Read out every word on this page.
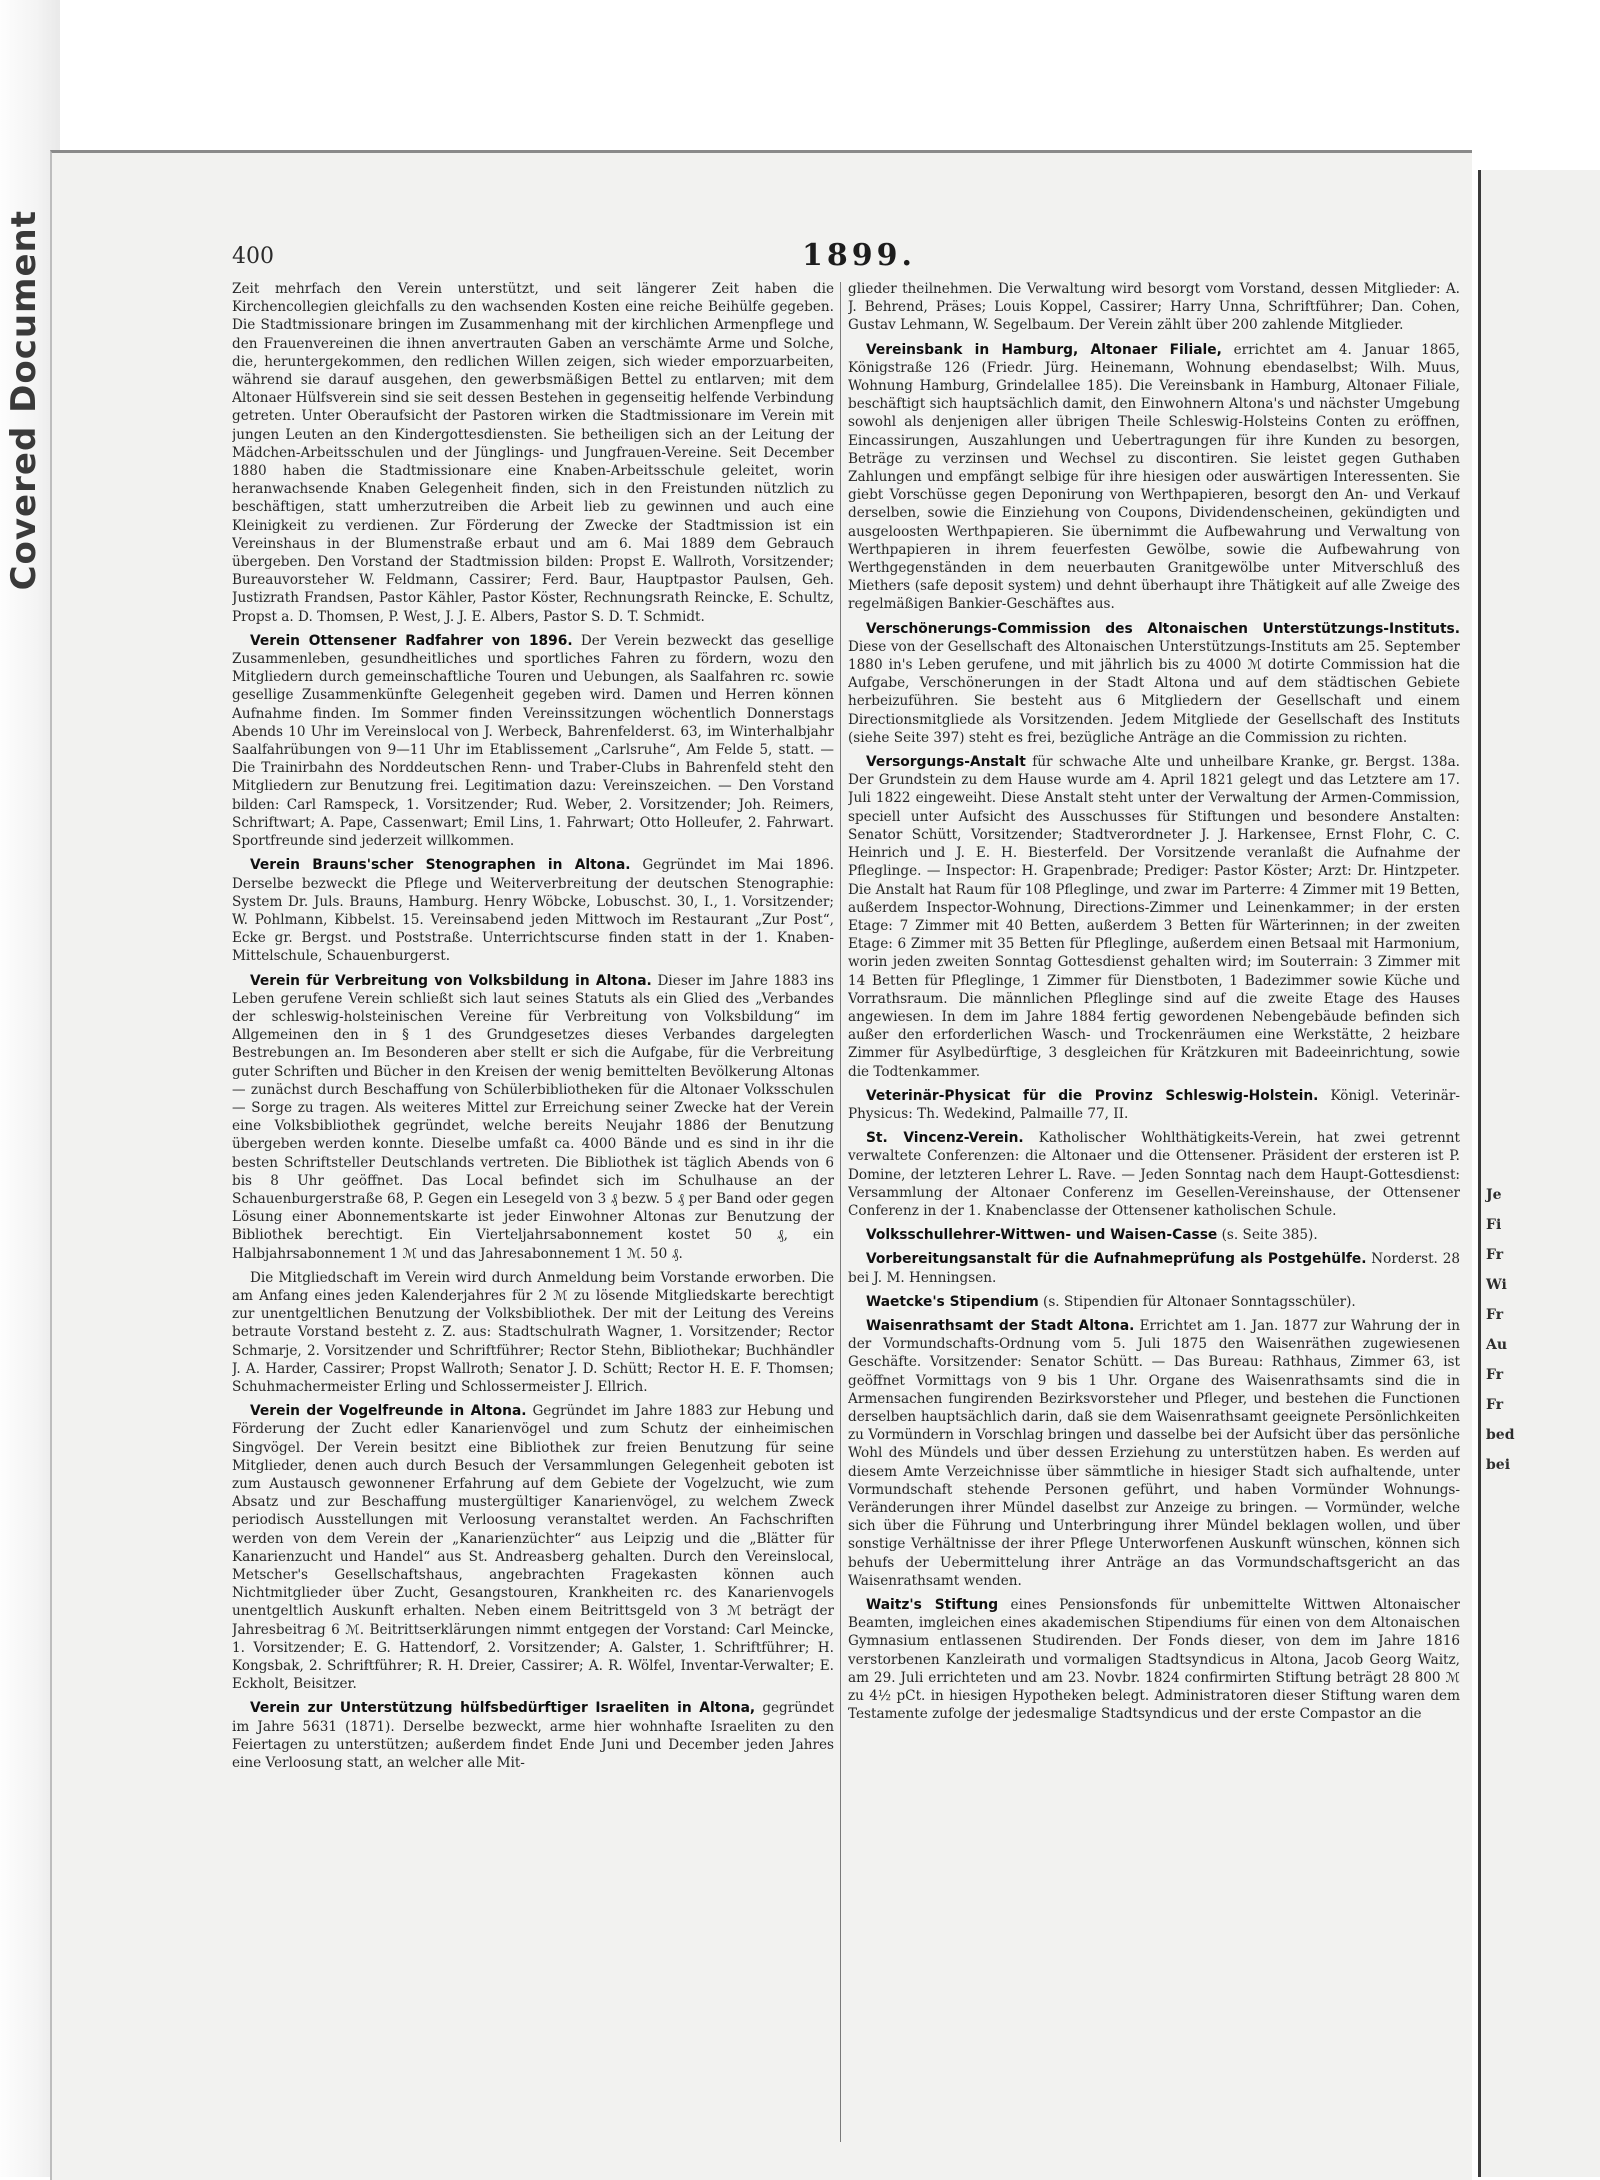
Covered Document	400	1899.

Zeit mehrfach den Verein unterstützt, und seit längerer Zeit haben die Kirchencollegien gleichfalls zu den wachsenden Kosten eine reiche Beihülfe gegeben. Die Stadtmissionare bringen im Zusammenhang mit der kirchlichen Armenpflege und den Frauenvereinen die ihnen anvertrauten Gaben an verschämte Arme und Solche, die, heruntergekommen, den redlichen Willen zeigen, sich wieder emporzuarbeiten, während sie darauf ausgehen, den gewerbsmäßigen Bettel zu entlarven; mit dem Altonaer Hülfsverein sind sie seit dessen Bestehen in gegenseitig helfende Verbindung getreten. Unter Oberaufsicht der Pastoren wirken die Stadtmissionare im Verein mit jungen Leuten an den Kindergottesdiensten. Sie betheiligen sich an der Leitung der Mädchen-Arbeitsschulen und der Jünglings- und Jungfrauen-Vereine. Seit December 1880 haben die Stadtmissionare eine Knaben-Arbeitsschule geleitet, worin heranwachsende Knaben Gelegenheit finden, sich in den Freistunden nützlich zu beschäftigen, statt umherzutreiben die Arbeit lieb zu gewinnen und auch eine Kleinigkeit zu verdienen. Zur Förderung der Zwecke der Stadtmission ist ein Vereinshaus in der Blumenstraße erbaut und am 6. Mai 1889 dem Gebrauch übergeben. Den Vorstand der Stadtmission bilden: Propst E. Wallroth, Vorsitzender; Bureauvorsteher W. Feldmann, Cassirer; Ferd. Baur, Hauptpastor Paulsen, Geh. Justizrath Frandsen, Pastor Kähler, Pastor Köster, Rechnungsrath Reincke, E. Schultz, Propst a. D. Thomsen, P. West, J. J. E. Albers, Pastor S. D. T. Schmidt.

Verein Ottensener Radfahrer von 1896. Der Verein bezweckt das gesellige Zusammenleben, gesundheitliches und sportliches Fahren zu fördern, wozu den Mitgliedern durch gemeinschaftliche Touren und Uebungen, als Saalfahren rc. sowie gesellige Zusammenkünfte Gelegenheit gegeben wird. Damen und Herren können Aufnahme finden. Im Sommer finden Vereinssitzungen wöchentlich Donnerstags Abends 10 Uhr im Vereinslocal von J. Werbeck, Bahrenfelderst. 63, im Winterhalbjahr Saalfahrübungen von 9—11 Uhr im Etablissement „Carlsruhe“, Am Felde 5, statt. — Die Trainirbahn des Norddeutschen Renn- und Traber-Clubs in Bahrenfeld steht den Mitgliedern zur Benutzung frei. Legitimation dazu: Vereinszeichen. — Den Vorstand bilden: Carl Ramspeck, 1. Vorsitzender; Rud. Weber, 2. Vorsitzender; Joh. Reimers, Schriftwart; A. Pape, Cassenwart; Emil Lins, 1. Fahrwart; Otto Holleufer, 2. Fahrwart. Sportfreunde sind jederzeit willkommen.

Verein Brauns'scher Stenographen in Altona. Gegründet im Mai 1896. Derselbe bezweckt die Pflege und Weiterverbreitung der deutschen Stenographie: System Dr. Juls. Brauns, Hamburg. Henry Wöbcke, Lobuschst. 30, I., 1. Vorsitzender; W. Pohlmann, Kibbelst. 15. Vereinsabend jeden Mittwoch im Restaurant „Zur Post“, Ecke gr. Bergst. und Poststraße. Unterrichtscurse finden statt in der 1. Knaben-Mittelschule, Schauenburgerst.

Verein für Verbreitung von Volksbildung in Altona. Dieser im Jahre 1883 ins Leben gerufene Verein schließt sich laut seines Statuts als ein Glied des „Verbandes der schleswig-holsteinischen Vereine für Verbreitung von Volksbildung“ im Allgemeinen den in § 1 des Grundgesetzes dieses Verbandes dargelegten Bestrebungen an. Im Besonderen aber stellt er sich die Aufgabe, für die Verbreitung guter Schriften und Bücher in den Kreisen der wenig bemittelten Bevölkerung Altonas — zunächst durch Beschaffung von Schülerbibliotheken für die Altonaer Volksschulen — Sorge zu tragen. Als weiteres Mittel zur Erreichung seiner Zwecke hat der Verein eine Volksbibliothek gegründet, welche bereits Neujahr 1886 der Benutzung übergeben werden konnte. Dieselbe umfaßt ca. 4000 Bände und es sind in ihr die besten Schriftsteller Deutschlands vertreten. Die Bibliothek ist täglich Abends von 6 bis 8 Uhr geöffnet. Das Local befindet sich im Schulhause an der Schauenburgerstraße 68, P. Gegen ein Lesegeld von 3 ₰ bezw. 5 ₰ per Band oder gegen Lösung einer Abonnementskarte ist jeder Einwohner Altonas zur Benutzung der Bibliothek berechtigt. Ein Vierteljahrsabonnement kostet 50 ₰, ein Halbjahrsabonnement 1 ℳ und das Jahresabonnement 1 ℳ. 50 ₰.

Die Mitgliedschaft im Verein wird durch Anmeldung beim Vorstande erworben. Die am Anfang eines jeden Kalenderjahres für 2 ℳ zu lösende Mitgliedskarte berechtigt zur unentgeltlichen Benutzung der Volksbibliothek. Der mit der Leitung des Vereins betraute Vorstand besteht z. Z. aus: Stadtschulrath Wagner, 1. Vorsitzender; Rector Schmarje, 2. Vorsitzender und Schriftführer; Rector Stehn, Bibliothekar; Buchhändler J. A. Harder, Cassirer; Propst Wallroth; Senator J. D. Schütt; Rector H. E. F. Thomsen; Schuhmachermeister Erling und Schlossermeister J. Ellrich.

Verein der Vogelfreunde in Altona. Gegründet im Jahre 1883 zur Hebung und Förderung der Zucht edler Kanarienvögel und zum Schutz der einheimischen Singvögel. Der Verein besitzt eine Bibliothek zur freien Benutzung für seine Mitglieder, denen auch durch Besuch der Versammlungen Gelegenheit geboten ist zum Austausch gewonnener Erfahrung auf dem Gebiete der Vogelzucht, wie zum Absatz und zur Beschaffung mustergültiger Kanarienvögel, zu welchem Zweck periodisch Ausstellungen mit Verloosung veranstaltet werden. An Fachschriften werden von dem Verein der „Kanarienzüchter“ aus Leipzig und die „Blätter für Kanarienzucht und Handel“ aus St. Andreasberg gehalten. Durch den Vereinslocal, Metscher's Gesellschaftshaus, angebrachten Fragekasten können auch Nichtmitglieder über Zucht, Gesangstouren, Krankheiten rc. des Kanarienvogels unentgeltlich Auskunft erhalten. Neben einem Beitrittsgeld von 3 ℳ beträgt der Jahresbeitrag 6 ℳ. Beitrittserklärungen nimmt entgegen der Vorstand: Carl Meincke, 1. Vorsitzender; E. G. Hattendorf, 2. Vorsitzender; A. Galster, 1. Schriftführer; H. Kongsbak, 2. Schriftführer; R. H. Dreier, Cassirer; A. R. Wölfel, Inventar-Verwalter; E. Eckholt, Beisitzer.

Verein zur Unterstützung hülfsbedürftiger Israeliten in Altona, gegründet im Jahre 5631 (1871). Derselbe bezweckt, arme hier wohnhafte Israeliten zu den Feiertagen zu unterstützen; außerdem findet Ende Juni und December jeden Jahres eine Verloosung statt, an welcher alle Mit-

glieder theilnehmen. Die Verwaltung wird besorgt vom Vorstand, dessen Mitglieder: A. J. Behrend, Präses; Louis Koppel, Cassirer; Harry Unna, Schriftführer; Dan. Cohen, Gustav Lehmann, W. Segelbaum. Der Verein zählt über 200 zahlende Mitglieder.

Vereinsbank in Hamburg, Altonaer Filiale, errichtet am 4. Januar 1865, Königstraße 126 (Friedr. Jürg. Heinemann, Wohnung ebendaselbst; Wilh. Muus, Wohnung Hamburg, Grindelallee 185). Die Vereinsbank in Hamburg, Altonaer Filiale, beschäftigt sich hauptsächlich damit, den Einwohnern Altona's und nächster Umgebung sowohl als denjenigen aller übrigen Theile Schleswig-Holsteins Conten zu eröffnen, Eincassirungen, Auszahlungen und Uebertragungen für ihre Kunden zu besorgen, Beträge zu verzinsen und Wechsel zu discontiren. Sie leistet gegen Guthaben Zahlungen und empfängt selbige für ihre hiesigen oder auswärtigen Interessenten. Sie giebt Vorschüsse gegen Deponirung von Werthpapieren, besorgt den An- und Verkauf derselben, sowie die Einziehung von Coupons, Dividendenscheinen, gekündigten und ausgeloosten Werthpapieren. Sie übernimmt die Aufbewahrung und Verwaltung von Werthpapieren in ihrem feuerfesten Gewölbe, sowie die Aufbewahrung von Werthgegenständen in dem neuerbauten Granitgewölbe unter Mitverschluß des Miethers (safe deposit system) und dehnt überhaupt ihre Thätigkeit auf alle Zweige des regelmäßigen Bankier-Geschäftes aus.

Verschönerungs-Commission des Altonaischen Unterstützungs-Instituts. Diese von der Gesellschaft des Altonaischen Unterstützungs-Instituts am 25. September 1880 in's Leben gerufene, und mit jährlich bis zu 4000 ℳ dotirte Commission hat die Aufgabe, Verschönerungen in der Stadt Altona und auf dem städtischen Gebiete herbeizuführen. Sie besteht aus 6 Mitgliedern der Gesellschaft und einem Directionsmitgliede als Vorsitzenden. Jedem Mitgliede der Gesellschaft des Instituts (siehe Seite 397) steht es frei, bezügliche Anträge an die Commission zu richten.

Versorgungs-Anstalt für schwache Alte und unheilbare Kranke, gr. Bergst. 138a. Der Grundstein zu dem Hause wurde am 4. April 1821 gelegt und das Letztere am 17. Juli 1822 eingeweiht. Diese Anstalt steht unter der Verwaltung der Armen-Commission, speciell unter Aufsicht des Ausschusses für Stiftungen und besondere Anstalten: Senator Schütt, Vorsitzender; Stadtverordneter J. J. Harkensee, Ernst Flohr, C. C. Heinrich und J. E. H. Biesterfeld. Der Vorsitzende veranlaßt die Aufnahme der Pfleglinge. — Inspector: H. Grapenbrade; Prediger: Pastor Köster; Arzt: Dr. Hintzpeter. Die Anstalt hat Raum für 108 Pfleglinge, und zwar im Parterre: 4 Zimmer mit 19 Betten, außerdem Inspector-Wohnung, Directions-Zimmer und Leinenkammer; in der ersten Etage: 7 Zimmer mit 40 Betten, außerdem 3 Betten für Wärterinnen; in der zweiten Etage: 6 Zimmer mit 35 Betten für Pfleglinge, außerdem einen Betsaal mit Harmonium, worin jeden zweiten Sonntag Gottesdienst gehalten wird; im Souterrain: 3 Zimmer mit 14 Betten für Pfleglinge, 1 Zimmer für Dienstboten, 1 Badezimmer sowie Küche und Vorrathsraum. Die männlichen Pfleglinge sind auf die zweite Etage des Hauses angewiesen. In dem im Jahre 1884 fertig gewordenen Nebengebäude befinden sich außer den erforderlichen Wasch- und Trockenräumen eine Werkstätte, 2 heizbare Zimmer für Asylbedürftige, 3 desgleichen für Krätzkuren mit Badeeinrichtung, sowie die Todtenkammer.

Veterinär-Physicat für die Provinz Schleswig-Holstein. Königl. Veterinär-Physicus: Th. Wedekind, Palmaille 77, II.

St. Vincenz-Verein. Katholischer Wohlthätigkeits-Verein, hat zwei getrennt verwaltete Conferenzen: die Altonaer und die Ottensener. Präsident der ersteren ist P. Domine, der letzteren Lehrer L. Rave. — Jeden Sonntag nach dem Haupt-Gottesdienst: Versammlung der Altonaer Conferenz im Gesellen-Vereinshause, der Ottensener Conferenz in der 1. Knabenclasse der Ottensener katholischen Schule.

Volksschullehrer-Wittwen- und Waisen-Casse (s. Seite 385).

Vorbereitungsanstalt für die Aufnahmeprüfung als Postgehülfe. Norderst. 28 bei J. M. Henningsen.

Waetcke's Stipendium (s. Stipendien für Altonaer Sonntagsschüler).

Waisenrathsamt der Stadt Altona. Errichtet am 1. Jan. 1877 zur Wahrung der in der Vormundschafts-Ordnung vom 5. Juli 1875 den Waisenräthen zugewiesenen Geschäfte. Vorsitzender: Senator Schütt. — Das Bureau: Rathhaus, Zimmer 63, ist geöffnet Vormittags von 9 bis 1 Uhr. Organe des Waisenrathsamts sind die in Armensachen fungirenden Bezirksvorsteher und Pfleger, und bestehen die Functionen derselben hauptsächlich darin, daß sie dem Waisenrathsamt geeignete Persönlichkeiten zu Vormündern in Vorschlag bringen und dasselbe bei der Aufsicht über das persönliche Wohl des Mündels und über dessen Erziehung zu unterstützen haben. Es werden auf diesem Amte Verzeichnisse über sämmtliche in hiesiger Stadt sich aufhaltende, unter Vormundschaft stehende Personen geführt, und haben Vormünder Wohnungs-Veränderungen ihrer Mündel daselbst zur Anzeige zu bringen. — Vormünder, welche sich über die Führung und Unterbringung ihrer Mündel beklagen wollen, und über sonstige Verhältnisse der ihrer Pflege Unterworfenen Auskunft wünschen, können sich behufs der Uebermittelung ihrer Anträge an das Vormundschaftsgericht an das Waisenrathsamt wenden.

Waitz's Stiftung eines Pensionsfonds für unbemittelte Wittwen Altonaischer Beamten, imgleichen eines akademischen Stipendiums für einen von dem Altonaischen Gymnasium entlassenen Studirenden. Der Fonds dieser, von dem im Jahre 1816 verstorbenen Kanzleirath und vormaligen Stadtsyndicus in Altona, Jacob Georg Waitz, am 29. Juli errichteten und am 23. Novbr. 1824 confirmirten Stiftung beträgt 28 800 ℳ zu 4½ pCt. in hiesigen Hypotheken belegt. Administratoren dieser Stiftung waren dem Testamente zufolge der jedesmalige Stadtsyndicus und der erste Compastor an die

Je
Fi
Fr
Wi
Fr
Au
Fr
Fr
bed
bei
